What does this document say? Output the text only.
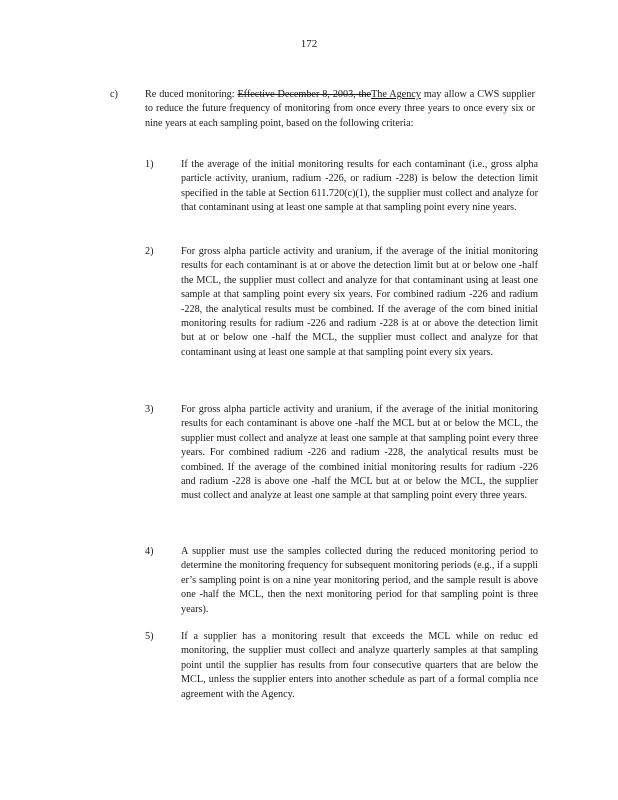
172
c)	Re duced monitoring: Effective December 8, 2003, theThe Agency may allow a CWS supplier to reduce the future frequency of monitoring from once every three years to once every six or nine years at each sampling point, based on the following criteria:
1)	If the average of the initial monitoring results for each contaminant (i.e., gross alpha particle activity, uranium, radium -226, or radium -228) is below the detection limit specified in the table at Section 611.720(c)(1), the supplier must collect and analyze for that contaminant using at least one sample at that sampling point every nine years.
2)	For gross alpha particle activity and uranium, if the average of the initial monitoring results for each contaminant is at or above the detection limit but at or below one -half the MCL, the supplier must collect and analyze for that contaminant using at least one sample at that sampling point every six years. For combined radium -226 and radium -228, the analytical results must be combined. If the average of the com bined initial monitoring results for radium -226 and radium -228 is at or above the detection limit but at or below one -half the MCL, the supplier must collect and analyze for that contaminant using at least one sample at that sampling point every six years.
3)	For gross alpha particle activity and uranium, if the average of the initial monitoring results for each contaminant is above one -half the MCL but at or below the MCL, the supplier must collect and analyze at least one sample at that sampling point every three years. For combined radium -226 and radium -228, the analytical results must be combined. If the average of the combined initial monitoring results for radium -226 and radium -228 is above one -half the MCL but at or below the MCL, the supplier must collect and analyze at least one sample at that sampling point every three years.
4)	A supplier must use the samples collected during the reduced monitoring period to determine the monitoring frequency for subsequent monitoring periods (e.g., if a suppli er’s sampling point is on a nine year monitoring period, and the sample result is above one -half the MCL, then the next monitoring period for that sampling point is three years).
5)	If a supplier has a monitoring result that exceeds the MCL while on reduc ed monitoring, the supplier must collect and analyze quarterly samples at that sampling point until the supplier has results from four consecutive quarters that are below the MCL, unless the supplier enters into another schedule as part of a formal complia nce agreement with the Agency.
